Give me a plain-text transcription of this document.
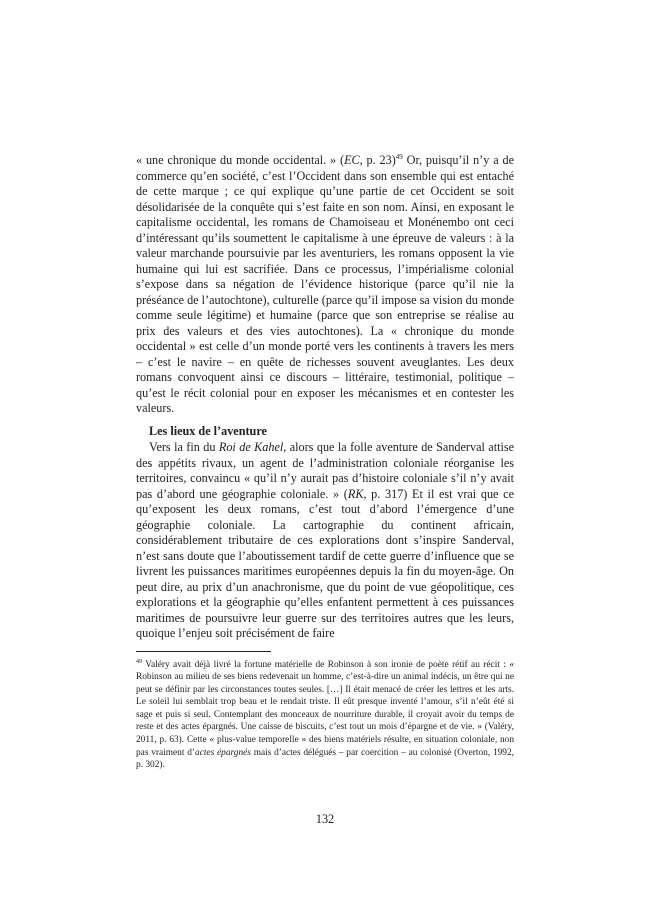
« une chronique du monde occidental. » (EC, p. 23)$^{49}$ Or, puisqu’il n’y a de commerce qu’en société, c’est l’Occident dans son ensemble qui est entaché de cette marque ; ce qui explique qu’une partie de cet Occident se soit désolidarisée de la conquête qui s’est faite en son nom. Ainsi, en exposant le capitalisme occidental, les romans de Chamoiseau et Monénembo ont ceci d’intéressant qu’ils soumettent le capitalisme à une épreuve de valeurs : à la valeur marchande poursuivie par les aventuriers, les romans opposent la vie humaine qui lui est sacrifiée. Dans ce processus, l’impérialisme colonial s’expose dans sa négation de l’évidence historique (parce qu’il nie la préséance de l’autochtone), culturelle (parce qu’il impose sa vision du monde comme seule légitime) et humaine (parce que son entreprise se réalise au prix des valeurs et des vies autochtones). La « chronique du monde occidental » est celle d’un monde porté vers les continents à travers les mers – c’est le navire – en quête de richesses souvent aveuglantes. Les deux romans convoquent ainsi ce discours – littéraire, testimonial, politique – qu’est le récit colonial pour en exposer les mécanismes et en contester les valeurs.

Les lieux de l’aventure

Vers la fin du Roi de Kahel, alors que la folle aventure de Sanderval attise des appétits rivaux, un agent de l’administration coloniale réorganise les territoires, convaincu « qu’il n’y aurait pas d’histoire coloniale s’il n’y avait pas d’abord une géographie coloniale. » (RK, p. 317) Et il est vrai que ce qu’exposent les deux romans, c’est tout d’abord l’émergence d’une géographie coloniale. La cartographie du continent africain, considérablement tributaire de ces explorations dont s’inspire Sanderval, n’est sans doute que l’aboutissement tardif de cette guerre d’influence que se livrent les puissances maritimes européennes depuis la fin du moyen-âge. On peut dire, au prix d’un anachronisme, que du point de vue géopolitique, ces explorations et la géographie qu’elles enfantent permettent à ces puissances maritimes de poursuivre leur guerre sur des territoires autres que les leurs, quoique l’enjeu soit précisément de faire

$^{49}$ Valéry avait déjà livré la fortune matérielle de Robinson à son ironie de poète rétif au récit : « Robinson au milieu de ses biens redevenait un homme, c’est-à-dire un animal indécis, un être qui ne peut se définir par les circonstances toutes seules. […] Il était menacé de créer les lettres et les arts. Le soleil lui semblait trop beau et le rendait triste. Il eût presque inventé l’amour, s’il n’eût été si sage et puis si seul. Contemplant des monceaux de nourriture durable, il croyait avoir du temps de reste et des actes épargnés. Une caisse de biscuits, c’est tout un mois d’épargne et de vie. » (Valéry, 2011, p. 63). Cette « plus-value temporelle » des biens matériels résulte, en situation coloniale, non pas vraiment d’actes épargnés mais d’actes délégués – par coercition – au colonisé (Overton, 1992, p. 302).

132
